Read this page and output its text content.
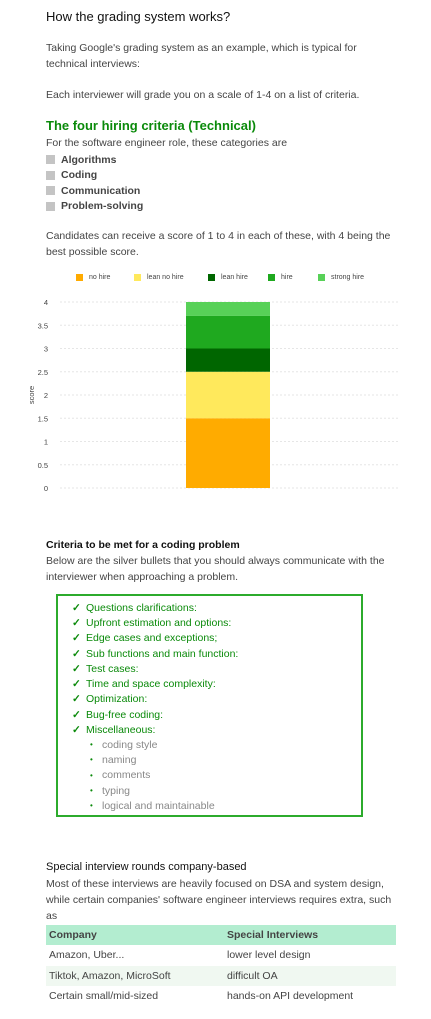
How the grading system works?
Taking Google's grading system as an example, which is typical for technical interviews:
Each interviewer will grade you on a scale of 1-4 on a list of criteria.
The four hiring criteria (Technical)
For the software engineer role, these categories are
Algorithms
Coding
Communication
Problem-solving
Candidates can receive a score of 1 to 4 in each of these, with 4 being the best possible score.
no hire	lean no hire	lean hire	hire	strong hire
0
0.5
1
1.5
2
2.5
3
3.5
4
score
Criteria to be met for a coding problem
Below are the silver bullets that you should always communicate with the interviewer when approaching a problem.
✓ Questions clarifications:
✓ Upfront estimation and options:
✓ Edge cases and exceptions;
✓ Sub functions and main function:
✓ Test cases:
✓ Time and space complexity:
✓ Optimization:
✓ Bug-free coding:
✓ Miscellaneous:
• coding style
• naming
• comments
• typing
• logical and maintainable
Special interview rounds company-based
Most of these interviews are heavily focused on DSA and system design, while certain companies' software engineer interviews requires extra, such as
Company	Special Interviews
Amazon, Uber...	lower level design
Tiktok, Amazon, MicroSoft	difficult OA
Certain small/mid-sized	hands-on API development
